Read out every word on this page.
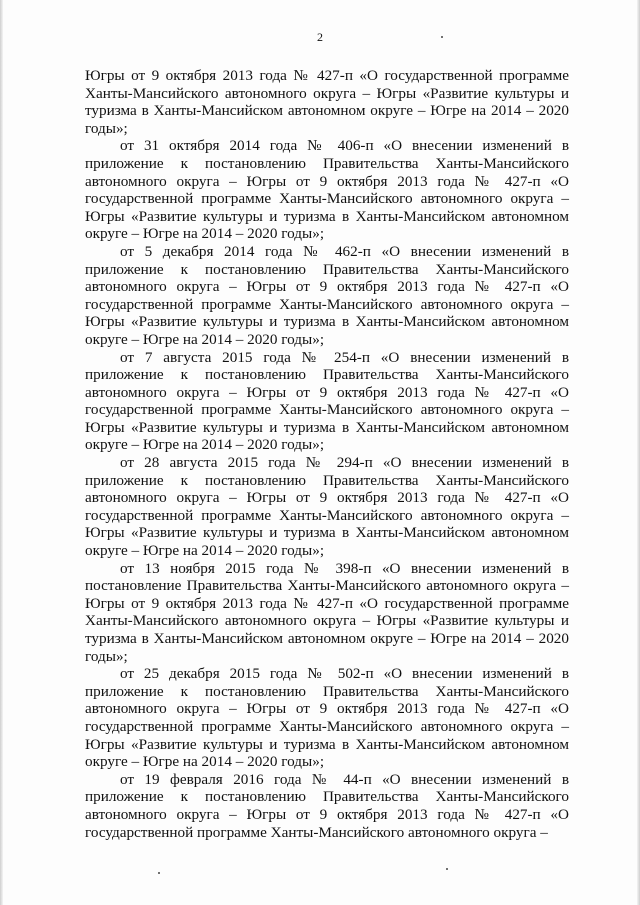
2

Югры от 9 октября 2013 года № 427-п «О государственной программе Ханты-Мансийского автономного округа – Югры «Развитие культуры и туризма в Ханты-Мансийском автономном округе – Югре на 2014 – 2020 годы»;

от 31 октября 2014 года № 406-п «О внесении изменений в приложение к постановлению Правительства Ханты-Мансийского автономного округа – Югры от 9 октября 2013 года № 427-п «О государственной программе Ханты-Мансийского автономного округа – Югры «Развитие культуры и туризма в Ханты-Мансийском автономном округе – Югре на 2014 – 2020 годы»;

от 5 декабря 2014 года № 462-п «О внесении изменений в приложение к постановлению Правительства Ханты-Мансийского автономного округа – Югры от 9 октября 2013 года № 427-п «О государственной программе Ханты-Мансийского автономного округа – Югры «Развитие культуры и туризма в Ханты-Мансийском автономном округе – Югре на 2014 – 2020 годы»;

от 7 августа 2015 года № 254-п «О внесении изменений в приложение к постановлению Правительства Ханты-Мансийского автономного округа – Югры от 9 октября 2013 года № 427-п «О государственной программе Ханты-Мансийского автономного округа – Югры «Развитие культуры и туризма в Ханты-Мансийском автономном округе – Югре на 2014 – 2020 годы»;

от 28 августа 2015 года № 294-п «О внесении изменений в приложение к постановлению Правительства Ханты-Мансийского автономного округа – Югры от 9 октября 2013 года № 427-п «О государственной программе Ханты-Мансийского автономного округа – Югры «Развитие культуры и туризма в Ханты-Мансийском автономном округе – Югре на 2014 – 2020 годы»;

от 13 ноября 2015 года № 398-п «О внесении изменений в постановление Правительства Ханты-Мансийского автономного округа – Югры от 9 октября 2013 года № 427-п «О государственной программе Ханты-Мансийского автономного округа – Югры «Развитие культуры и туризма в Ханты-Мансийском автономном округе – Югре на 2014 – 2020 годы»;

от 25 декабря 2015 года № 502-п «О внесении изменений в приложение к постановлению Правительства Ханты-Мансийского автономного округа – Югры от 9 октября 2013 года № 427-п «О государственной программе Ханты-Мансийского автономного округа – Югры «Развитие культуры и туризма в Ханты-Мансийском автономном округе – Югре на 2014 – 2020 годы»;

от 19 февраля 2016 года № 44-п «О внесении изменений в приложение к постановлению Правительства Ханты-Мансийского автономного округа – Югры от 9 октября 2013 года № 427-п «О государственной программе Ханты-Мансийского автономного округа –
